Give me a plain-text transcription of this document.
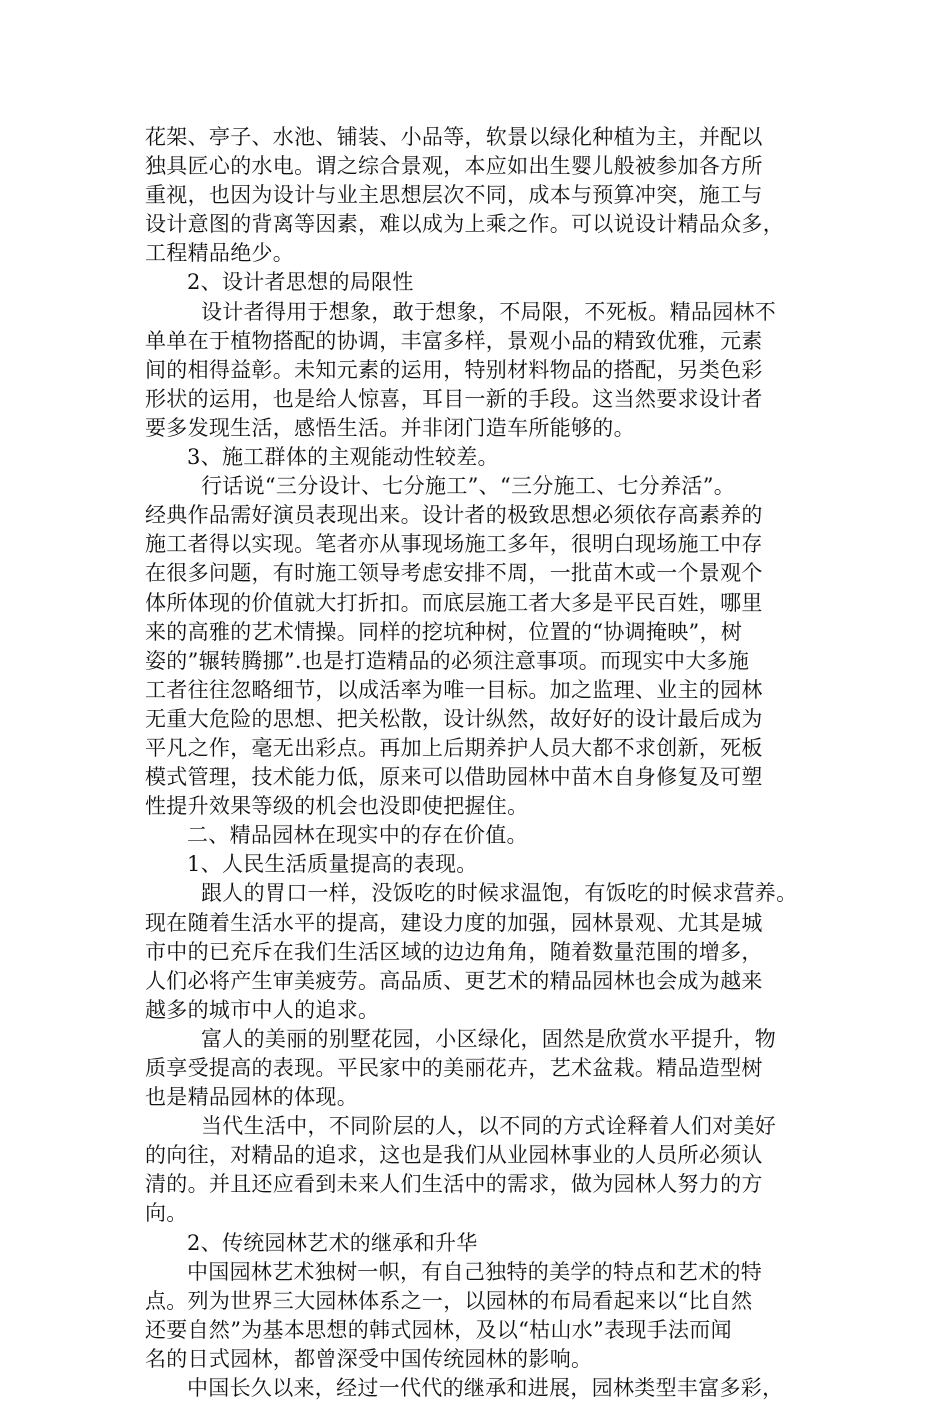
花架、亭子、水池、铺装、小品等，软景以绿化种植为主，并配以
独具匠心的水电。谓之综合景观，本应如出生婴儿般被参加各方所
重视，也因为设计与业主思想层次不同，成本与预算冲突，施工与
设计意图的背离等因素，难以成为上乘之作。可以说设计精品众多，
工程精品绝少。

2、设计者思想的局限性

设计者得用于想象，敢于想象，不局限，不死板。精品园林不
单单在于植物搭配的协调，丰富多样，景观小品的精致优雅，元素
间的相得益彰。未知元素的运用，特别材料物品的搭配，另类色彩
形状的运用，也是给人惊喜，耳目一新的手段。这当然要求设计者
要多发现生活，感悟生活。并非闭门造车所能够的。

3、施工群体的主观能动性较差。

行话说“三分设计、七分施工”、“三分施工、七分养活”。
经典作品需好演员表现出来。设计者的极致思想必须依存高素养的
施工者得以实现。笔者亦从事现场施工多年，很明白现场施工中存
在很多问题，有时施工领导考虑安排不周，一批苗木或一个景观个
体所体现的价值就大打折扣。而底层施工者大多是平民百姓，哪里
来的高雅的艺术情操。同样的挖坑种树，位置的“协调掩映”，树
姿的”辗转腾挪”.也是打造精品的必须注意事项。而现实中大多施
工者往往忽略细节，以成活率为唯一目标。加之监理、业主的园林
无重大危险的思想、把关松散，设计纵然，故好好的设计最后成为
平凡之作，毫无出彩点。再加上后期养护人员大都不求创新，死板
模式管理，技术能力低，原来可以借助园林中苗木自身修复及可塑
性提升效果等级的机会也没即使把握住。

二、精品园林在现实中的存在价值。

1、人民生活质量提高的表现。

跟人的胃口一样，没饭吃的时候求温饱，有饭吃的时候求营养。
现在随着生活水平的提高，建设力度的加强，园林景观、尤其是城
市中的已充斥在我们生活区域的边边角角，随着数量范围的增多，
人们必将产生审美疲劳。高品质、更艺术的精品园林也会成为越来
越多的城市中人的追求。

富人的美丽的别墅花园，小区绿化，固然是欣赏水平提升，物
质享受提高的表现。平民家中的美丽花卉，艺术盆栽。精品造型树
也是精品园林的体现。

当代生活中，不同阶层的人，以不同的方式诠释着人们对美好
的向往，对精品的追求，这也是我们从业园林事业的人员所必须认
清的。并且还应看到未来人们生活中的需求，做为园林人努力的方
向。

2、传统园林艺术的继承和升华

中国园林艺术独树一帜，有自己独特的美学的特点和艺术的特
点。列为世界三大园林体系之一，以园林的布局看起来以“比自然
还要自然”为基本思想的韩式园林，及以“枯山水”表现手法而闻
名的日式园林，都曾深受中国传统园林的影响。

中国长久以来，经过一代代的继承和进展，园林类型丰富多彩，
